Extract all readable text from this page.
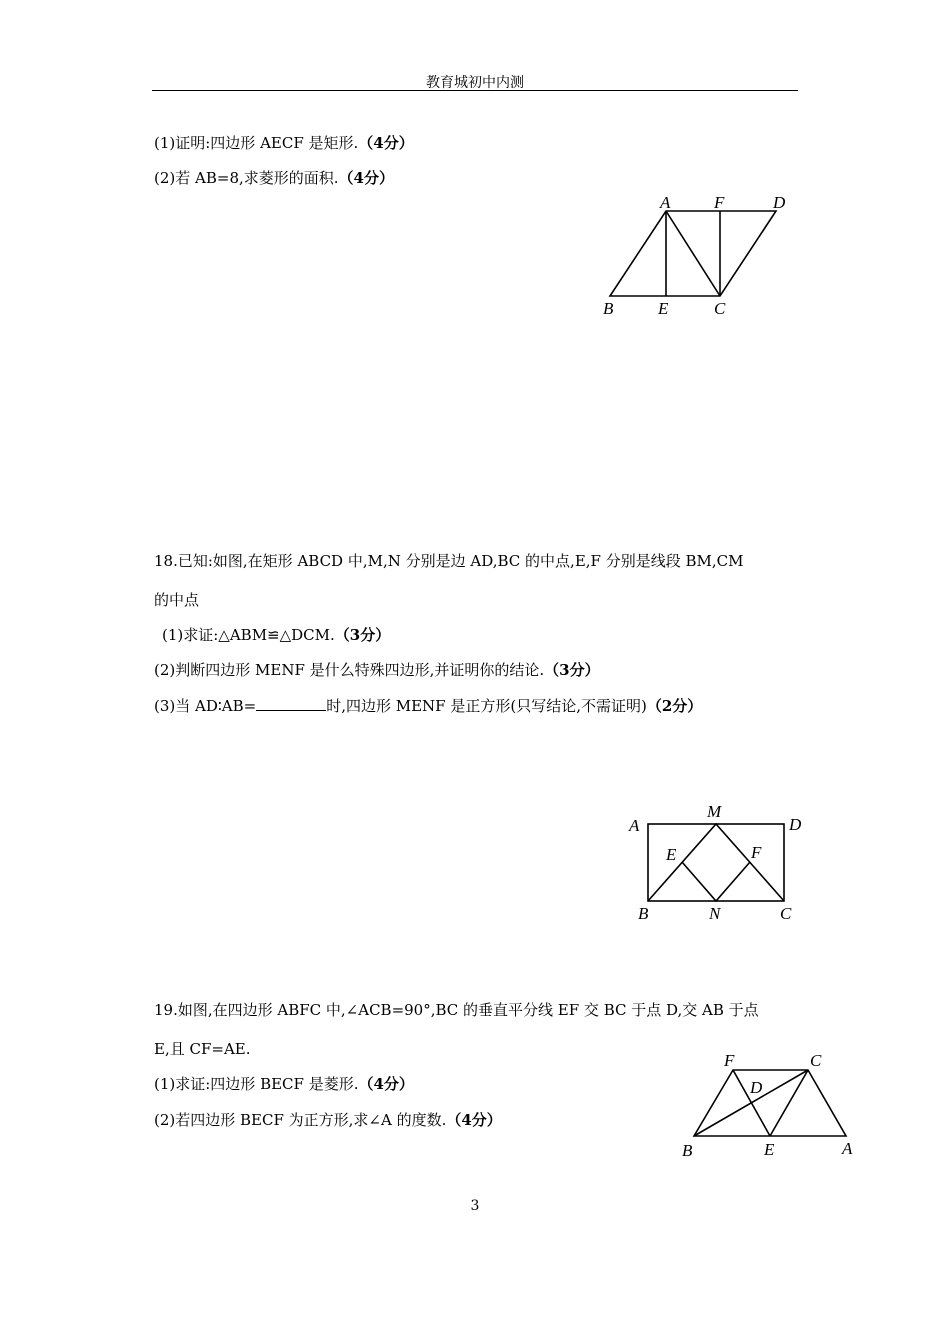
教育城初中内测
(1)证明:四边形 AECF 是矩形.（4分）
(2)若 AB=8,求菱形的面积.（4分）
A	F	D
B	E	C
18.已知:如图,在矩形 ABCD 中,M,N 分别是边 AD,BC 的中点,E,F 分别是线段 BM,CM
的中点
(1)求证:△ABM≌△DCM.（3分）
(2)判断四边形 MENF 是什么特殊四边形,并证明你的结论.（3分）
(3)当 AD∶AB=	时,四边形 MENF 是正方形(只写结论,不需证明)（2分）
A
M
D
E	F
B	N	C
19.如图,在四边形 ABFC 中,∠ACB=90°,BC 的垂直平分线 EF 交 BC 于点 D,交 AB 于点
E,且 CF=AE.
(1)求证:四边形 BECF 是菱形.（4分）
(2)若四边形 BECF 为正方形,求∠A 的度数.（4分）
F	C
D
B	E	A
3
